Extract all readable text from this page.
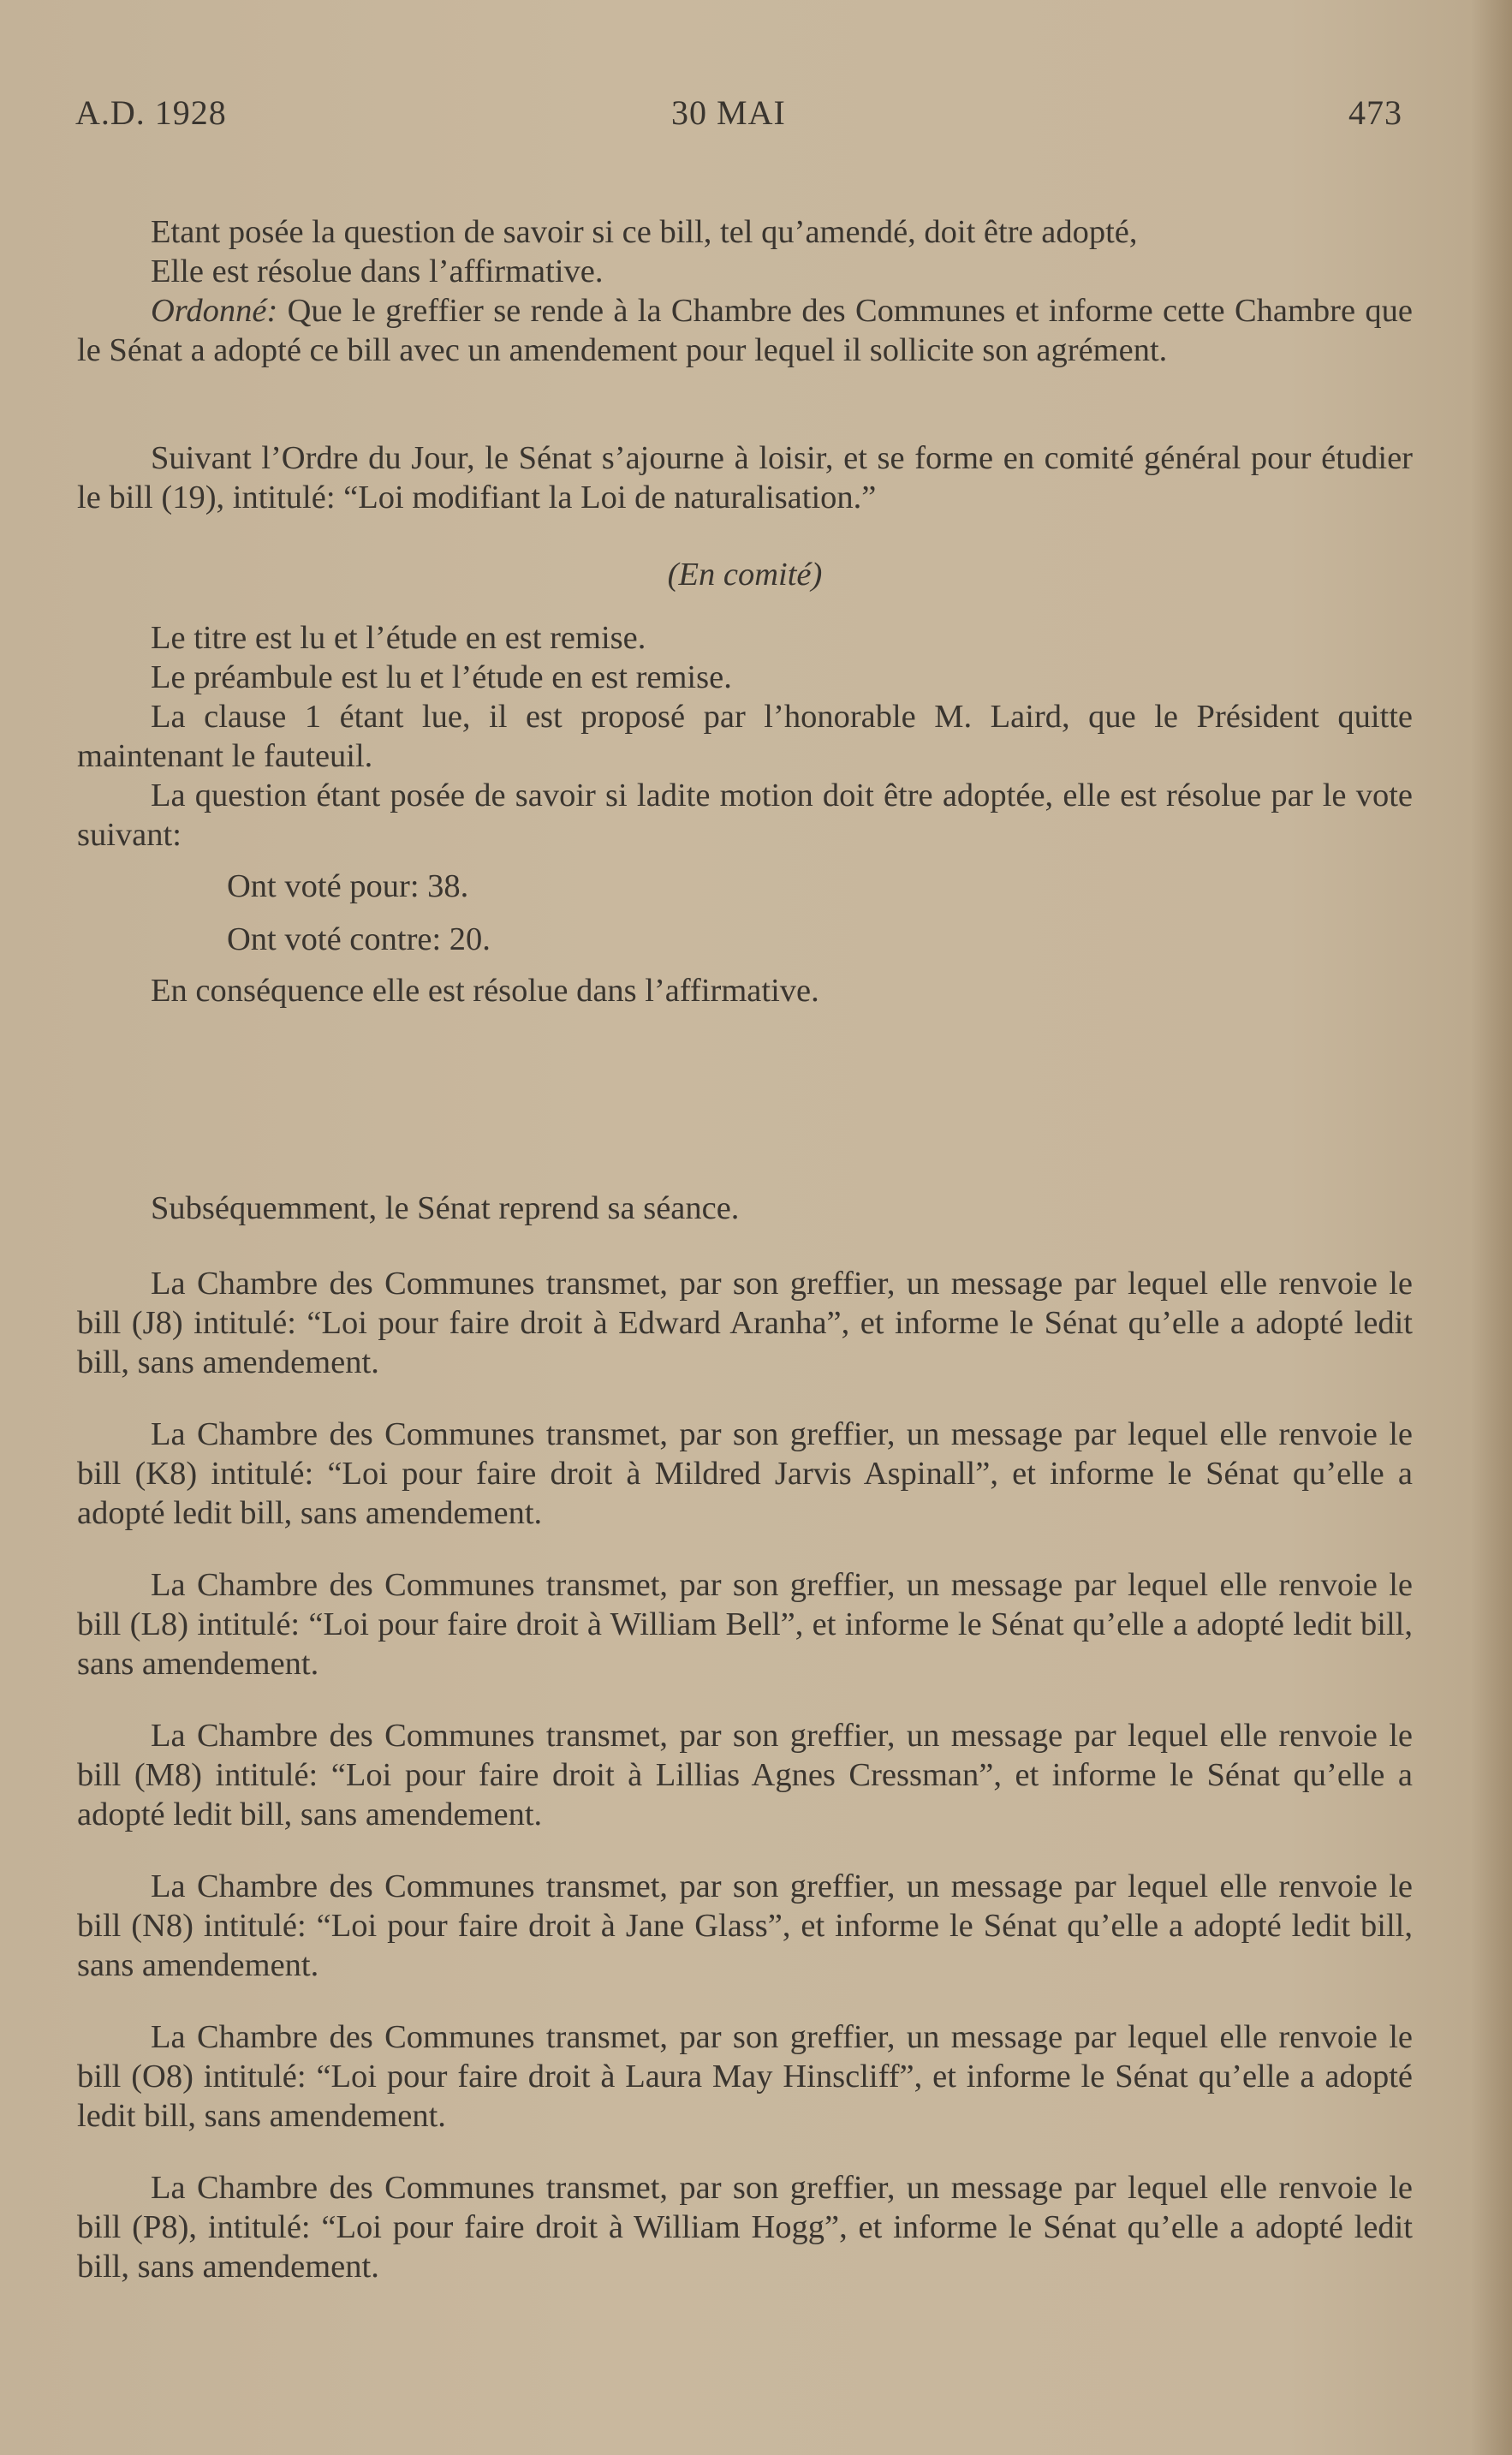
A.D. 1928	30 MAI	473

Etant posée la question de savoir si ce bill, tel qu’amendé, doit être adopté,

Elle est résolue dans l’affirmative.

Ordonné: Que le greffier se rende à la Chambre des Communes et informe cette Chambre que le Sénat a adopté ce bill avec un amendement pour lequel il sollicite son agrément.

Suivant l’Ordre du Jour, le Sénat s’ajourne à loisir, et se forme en comité général pour étudier le bill (19), intitulé: “Loi modifiant la Loi de naturalisation.”

(En comité)

Le titre est lu et l’étude en est remise.

Le préambule est lu et l’étude en est remise.

La clause 1 étant lue, il est proposé par l’honorable M. Laird, que le Président quitte maintenant le fauteuil.

La question étant posée de savoir si ladite motion doit être adoptée, elle est résolue par le vote suivant:

Ont voté pour: 38.

Ont voté contre: 20.

En conséquence elle est résolue dans l’affirmative.

Subséquemment, le Sénat reprend sa séance.

La Chambre des Communes transmet, par son greffier, un message par lequel elle renvoie le bill (J8) intitulé: “Loi pour faire droit à Edward Aranha”, et informe le Sénat qu’elle a adopté ledit bill, sans amendement.

La Chambre des Communes transmet, par son greffier, un message par lequel elle renvoie le bill (K8) intitulé: “Loi pour faire droit à Mildred Jarvis Aspinall”, et informe le Sénat qu’elle a adopté ledit bill, sans amendement.

La Chambre des Communes transmet, par son greffier, un message par lequel elle renvoie le bill (L8) intitulé: “Loi pour faire droit à William Bell”, et informe le Sénat qu’elle a adopté ledit bill, sans amendement.

La Chambre des Communes transmet, par son greffier, un message par lequel elle renvoie le bill (M8) intitulé: “Loi pour faire droit à Lillias Agnes Cressman”, et informe le Sénat qu’elle a adopté ledit bill, sans amendement.

La Chambre des Communes transmet, par son greffier, un message par lequel elle renvoie le bill (N8) intitulé: “Loi pour faire droit à Jane Glass”, et informe le Sénat qu’elle a adopté ledit bill, sans amendement.

La Chambre des Communes transmet, par son greffier, un message par lequel elle renvoie le bill (O8) intitulé: “Loi pour faire droit à Laura May Hinscliff”, et informe le Sénat qu’elle a adopté ledit bill, sans amendement.

La Chambre des Communes transmet, par son greffier, un message par lequel elle renvoie le bill (P8), intitulé: “Loi pour faire droit à William Hogg”, et informe le Sénat qu’elle a adopté ledit bill, sans amendement.
